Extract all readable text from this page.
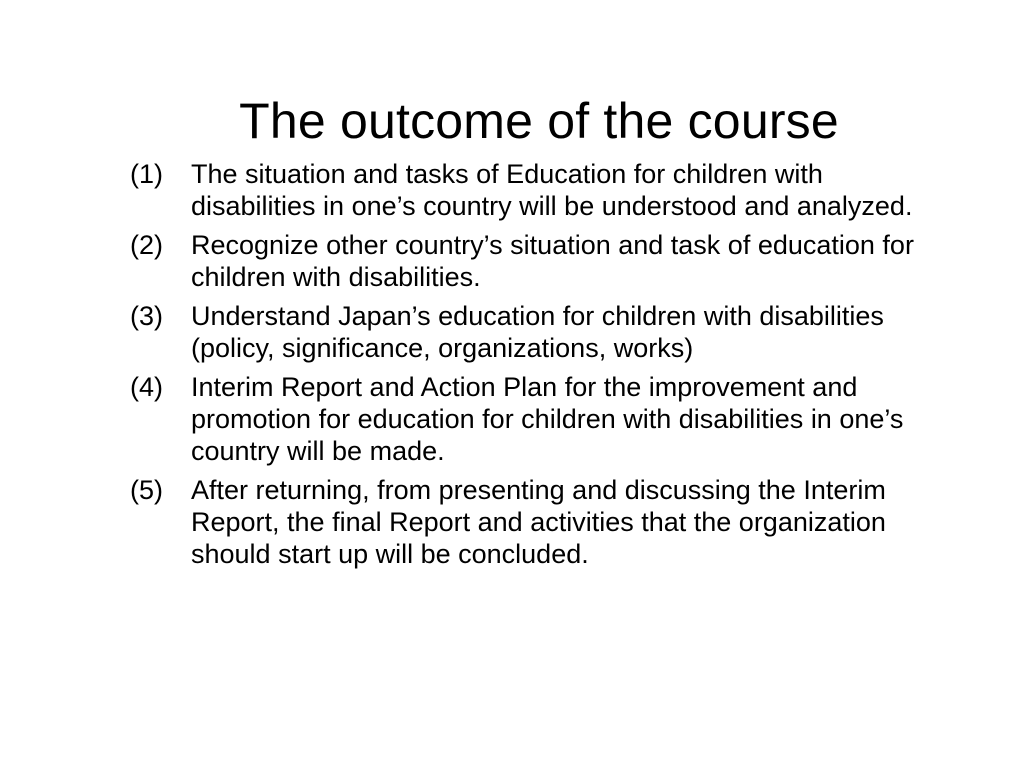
The outcome of the course
(1)	The situation and tasks of Education for children with disabilities in one’s country will be understood and analyzed.
(2)	Recognize other country’s situation and task of education for children with disabilities.
(3)	Understand Japan’s education for children with disabilities (policy, significance, organizations, works)
(4)	Interim Report and Action Plan for the improvement and promotion for education for children with disabilities in one’s country will be made.
(5)	After returning, from presenting and discussing the Interim Report, the final Report and activities that the organization should start up will be concluded.
